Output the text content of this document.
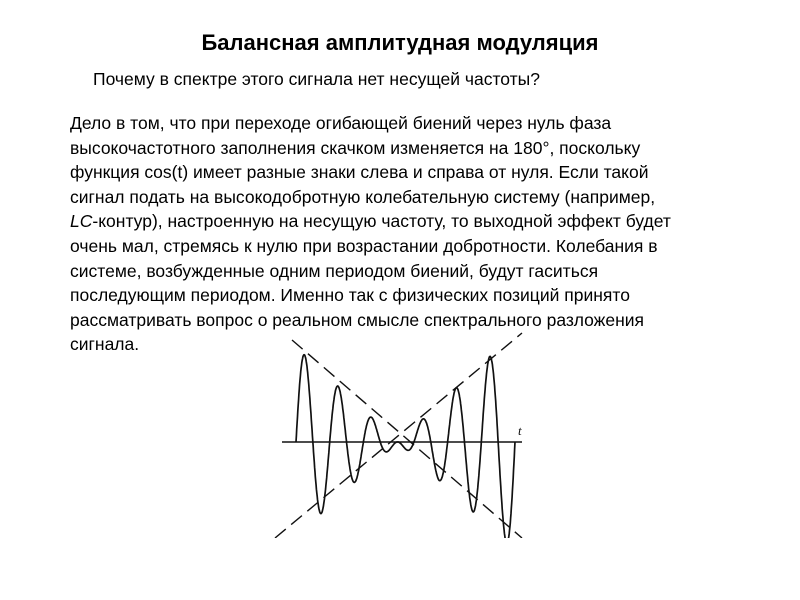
Балансная амплитудная модуляция
Почему в спектре этого сигнала нет несущей частоты?
Дело в том, что при переходе огибающей биений через нуль фаза
высокочастотного заполнения скачком изменяется на 180°, поскольку
функция cos(t) имеет разные знаки слева и справа от нуля. Если такой
сигнал подать на высокодобротную колебательную систему (например,
LC-контур), настроенную на несущую частоту, то выходной эффект будет
очень мал, стремясь к нулю при возрастании добротности. Колебания в
системе, возбужденные одним периодом биений, будут гаситься
последующим периодом. Именно так с физических позиций принято
рассматривать вопрос о реальном смысле спектрального разложения
сигнала.
t
